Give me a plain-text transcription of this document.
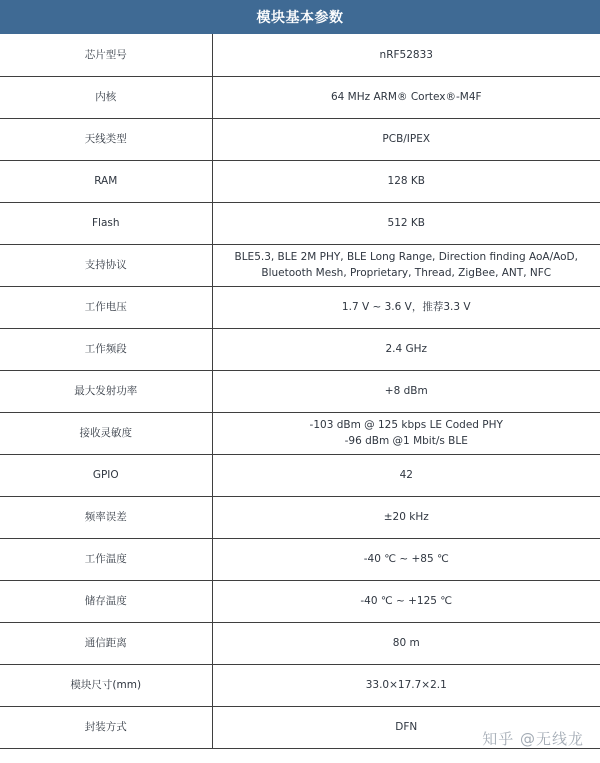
模块基本参数
芯片型号	nRF52833

内核	64 MHz ARM® Cortex®-M4F

天线类型	PCB/IPEX

RAM	128 KB

Flash	512 KB

支持协议	BLE5.3, BLE 2M PHY, BLE Long Range, Direction finding AoA/AoD,
Bluetooth Mesh, Proprietary, Thread, ZigBee, ANT, NFC

工作电压	1.7 V ~ 3.6 V，推荐3.3 V

工作频段	2.4 GHz

最大发射功率	+8 dBm

接收灵敏度	-103 dBm @ 125 kbps LE Coded PHY
-96 dBm @1 Mbit/s BLE

GPIO	42

频率误差	±20 kHz

工作温度	-40 ℃ ~ +85 ℃

储存温度	-40 ℃ ~ +125 ℃

通信距离	80 m

模块尺寸(mm)	33.0×17.7×2.1

封装方式	DFN
知乎 @无线龙
